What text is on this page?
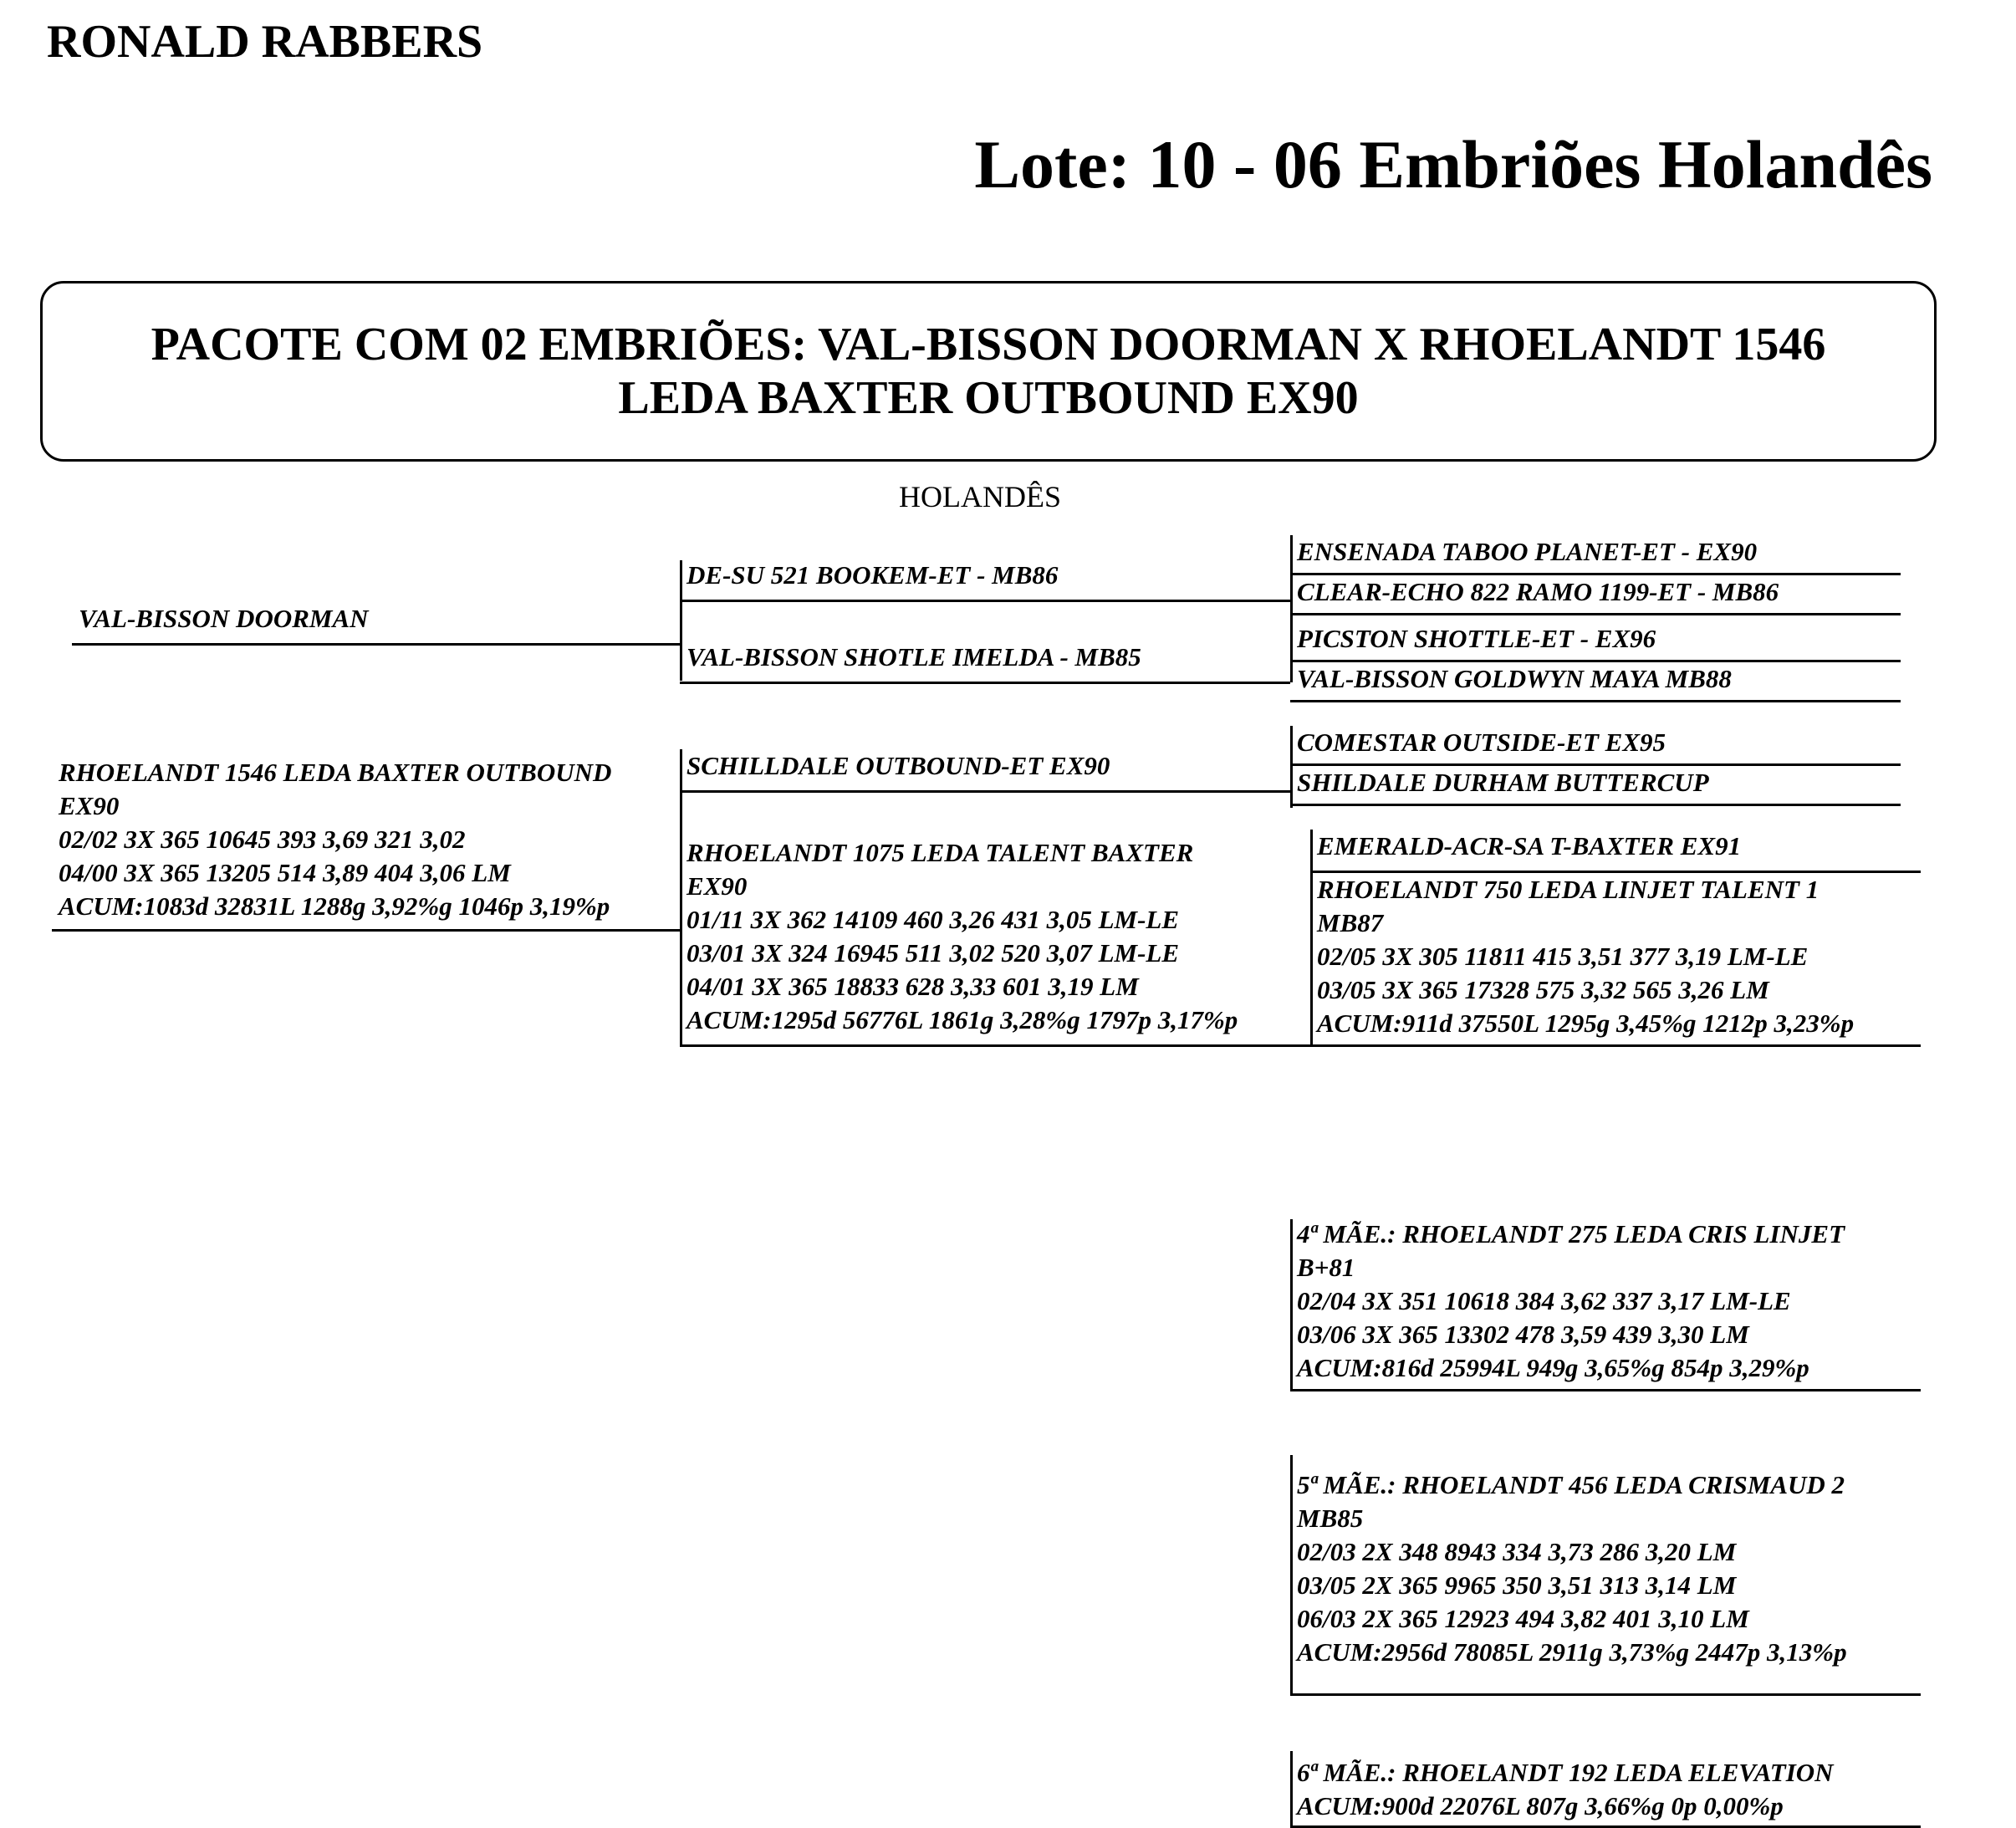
RONALD RABBERS
Lote: 10 - 06 Embriões Holandês
PACOTE COM 02 EMBRIÕES: VAL-BISSON DOORMAN X RHOELANDT 1546
LEDA BAXTER OUTBOUND EX90
HOLANDÊS
VAL-BISSON DOORMAN
RHOELANDT 1546 LEDA BAXTER OUTBOUND
EX90
02/02 3X 365 10645 393 3,69 321 3,02
04/00 3X 365 13205 514 3,89 404 3,06 LM
ACUM:1083d 32831L 1288g 3,92%g 1046p 3,19%p
DE-SU 521 BOOKEM-ET - MB86
VAL-BISSON SHOTLE IMELDA - MB85
SCHILLDALE OUTBOUND-ET EX90
RHOELANDT 1075 LEDA TALENT BAXTER
EX90
01/11 3X 362 14109 460 3,26 431 3,05 LM-LE
03/01 3X 324 16945 511 3,02 520 3,07 LM-LE
04/01 3X 365 18833 628 3,33 601 3,19 LM
ACUM:1295d 56776L 1861g 3,28%g 1797p 3,17%p
ENSENADA TABOO PLANET-ET - EX90
CLEAR-ECHO 822 RAMO 1199-ET - MB86
PICSTON SHOTTLE-ET - EX96
VAL-BISSON GOLDWYN MAYA MB88
COMESTAR OUTSIDE-ET EX95
SHILDALE DURHAM BUTTERCUP
EMERALD-ACR-SA T-BAXTER EX91
RHOELANDT 750 LEDA LINJET TALENT 1
MB87
02/05 3X 305 11811 415 3,51 377 3,19 LM-LE
03/05 3X 365 17328 575 3,32 565 3,26 LM
ACUM:911d 37550L 1295g 3,45%g 1212p 3,23%p
4ª MÃE.: RHOELANDT 275 LEDA CRIS LINJET
B+81
02/04 3X 351 10618 384 3,62 337 3,17 LM-LE
03/06 3X 365 13302 478 3,59 439 3,30 LM
ACUM:816d 25994L 949g 3,65%g 854p 3,29%p
5ª MÃE.: RHOELANDT 456 LEDA CRISMAUD 2
MB85
02/03 2X 348 8943 334 3,73 286 3,20 LM
03/05 2X 365 9965 350 3,51 313 3,14 LM
06/03 2X 365 12923 494 3,82 401 3,10 LM
ACUM:2956d 78085L 2911g 3,73%g 2447p 3,13%p
6ª MÃE.: RHOELANDT 192 LEDA ELEVATION
ACUM:900d 22076L 807g 3,66%g 0p 0,00%p
